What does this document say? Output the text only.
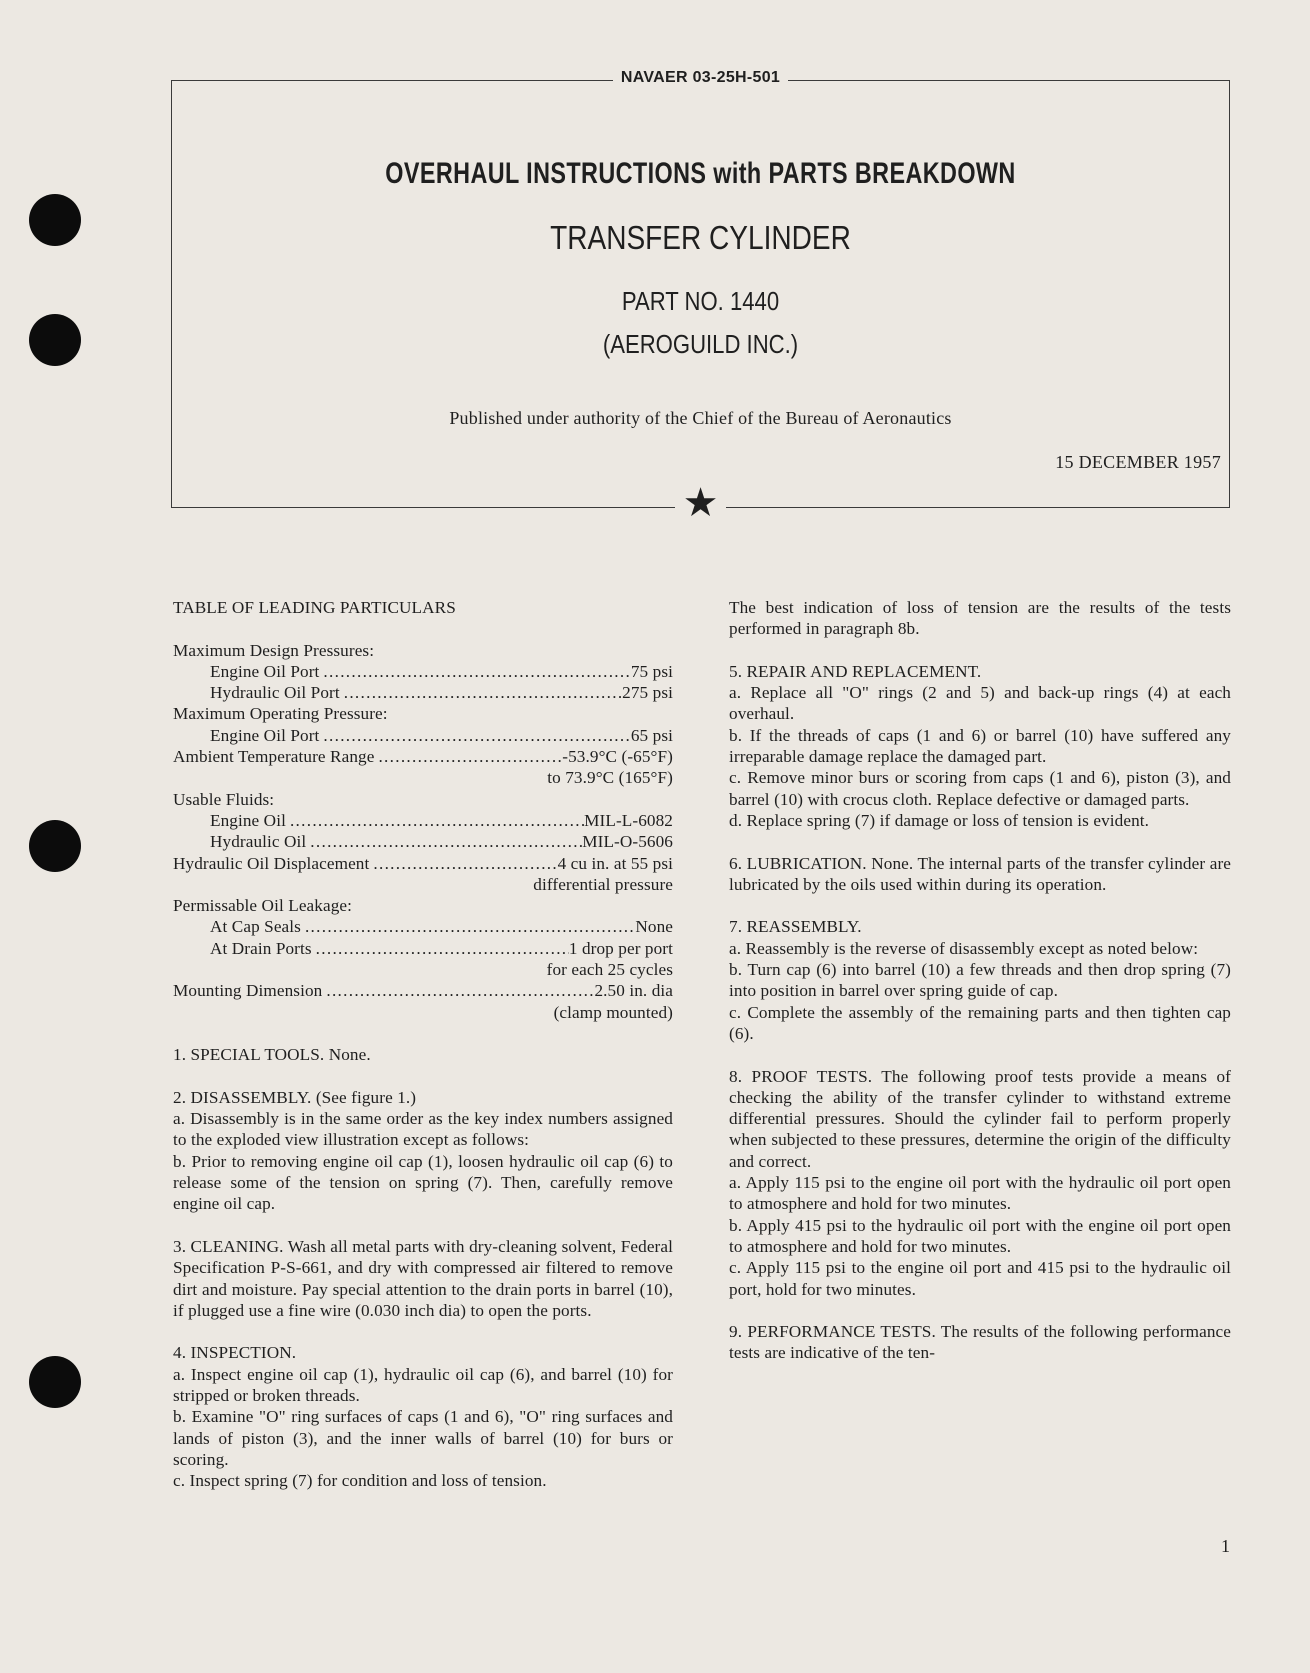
NAVAER 03-25H-501
OVERHAUL INSTRUCTIONS with PARTS BREAKDOWN
TRANSFER CYLINDER
PART NO. 1440
(AEROGUILD INC.)
Published under authority of the Chief of the Bureau of Aeronautics
15 DECEMBER 1957
★
TABLE OF LEADING PARTICULARS
Maximum Design Pressures:
Engine Oil Port . . .	75 psi
Hydraulic Oil Port . . .	275 psi
Maximum Operating Pressure:
Engine Oil Port . . .	65 psi
Ambient Temperature Range . . .	-53.9°C (-65°F)
to 73.9°C (165°F)
Usable Fluids:
Engine Oil . . .	MIL-L-6082
Hydraulic Oil . . .	MIL-O-5606
Hydraulic Oil Displacement . . .	4 cu in. at 55 psi
differential pressure
Permissable Oil Leakage:
At Cap Seals . . .	None
At Drain Ports . . .	1 drop per port
for each 25 cycles
Mounting Dimension . . .	2.50 in. dia
(clamp mounted)
1. SPECIAL TOOLS. None.
2. DISASSEMBLY. (See figure 1.)
a. Disassembly is in the same order as the key index numbers assigned to the exploded view illustration except as follows:
b. Prior to removing engine oil cap (1), loosen hydraulic oil cap (6) to release some of the tension on spring (7). Then, carefully remove engine oil cap.
3. CLEANING. Wash all metal parts with dry-cleaning solvent, Federal Specification P-S-661, and dry with compressed air filtered to remove dirt and moisture. Pay special attention to the drain ports in barrel (10), if plugged use a fine wire (0.030 inch dia) to open the ports.
4. INSPECTION.
a. Inspect engine oil cap (1), hydraulic oil cap (6), and barrel (10) for stripped or broken threads.
b. Examine "O" ring surfaces of caps (1 and 6), "O" ring surfaces and lands of piston (3), and the inner walls of barrel (10) for burs or scoring.
c. Inspect spring (7) for condition and loss of tension.
The best indication of loss of tension are the results of the tests performed in paragraph 8b.
5. REPAIR AND REPLACEMENT.
a. Replace all "O" rings (2 and 5) and back-up rings (4) at each overhaul.
b. If the threads of caps (1 and 6) or barrel (10) have suffered any irreparable damage replace the damaged part.
c. Remove minor burs or scoring from caps (1 and 6), piston (3), and barrel (10) with crocus cloth. Replace defective or damaged parts.
d. Replace spring (7) if damage or loss of tension is evident.
6. LUBRICATION. None. The internal parts of the transfer cylinder are lubricated by the oils used within during its operation.
7. REASSEMBLY.
a. Reassembly is the reverse of disassembly except as noted below:
b. Turn cap (6) into barrel (10) a few threads and then drop spring (7) into position in barrel over spring guide of cap.
c. Complete the assembly of the remaining parts and then tighten cap (6).
8. PROOF TESTS. The following proof tests provide a means of checking the ability of the transfer cylinder to withstand extreme differential pressures. Should the cylinder fail to perform properly when subjected to these pressures, determine the origin of the difficulty and correct.
a. Apply 115 psi to the engine oil port with the hydraulic oil port open to atmosphere and hold for two minutes.
b. Apply 415 psi to the hydraulic oil port with the engine oil port open to atmosphere and hold for two minutes.
c. Apply 115 psi to the engine oil port and 415 psi to the hydraulic oil port, hold for two minutes.
9. PERFORMANCE TESTS. The results of the following performance tests are indicative of the ten-
1
